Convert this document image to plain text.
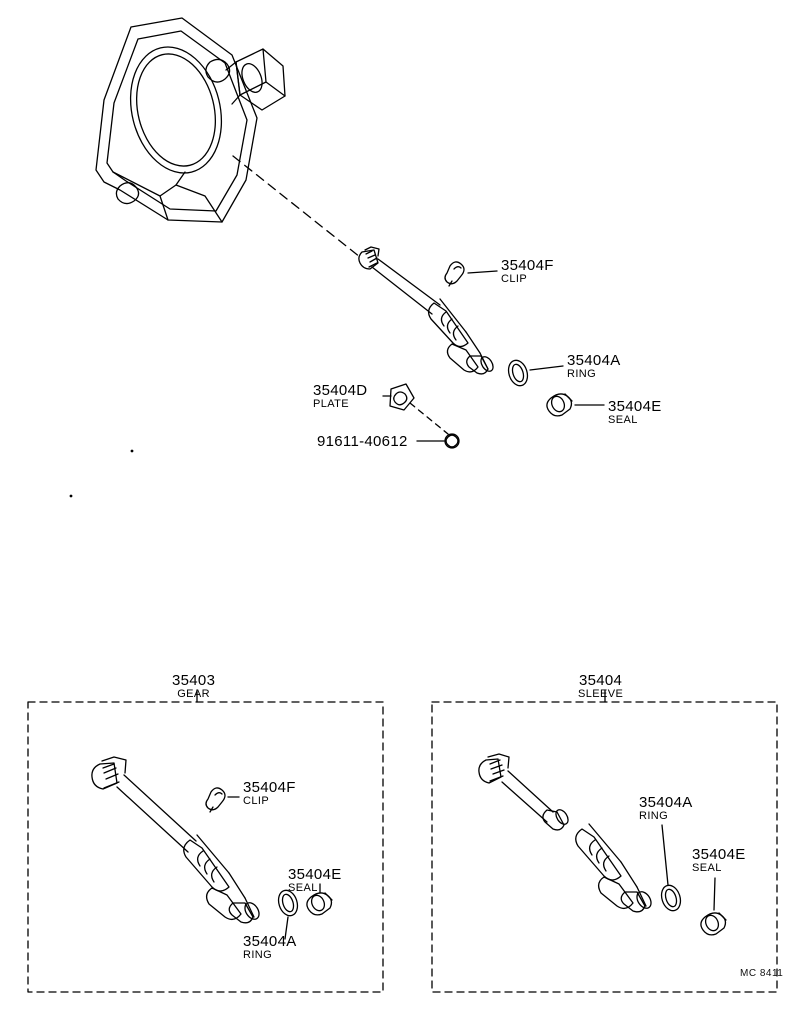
35404F
CLIP
35404A
RING
35404E
SEAL
35404D
PLATE
91611-40612
35403
GEAR
35404F
CLIP
35404E
SEAL
35404A
RING
35404
SLEEVE
35404A
RING
35404E
SEAL
MC 8411
